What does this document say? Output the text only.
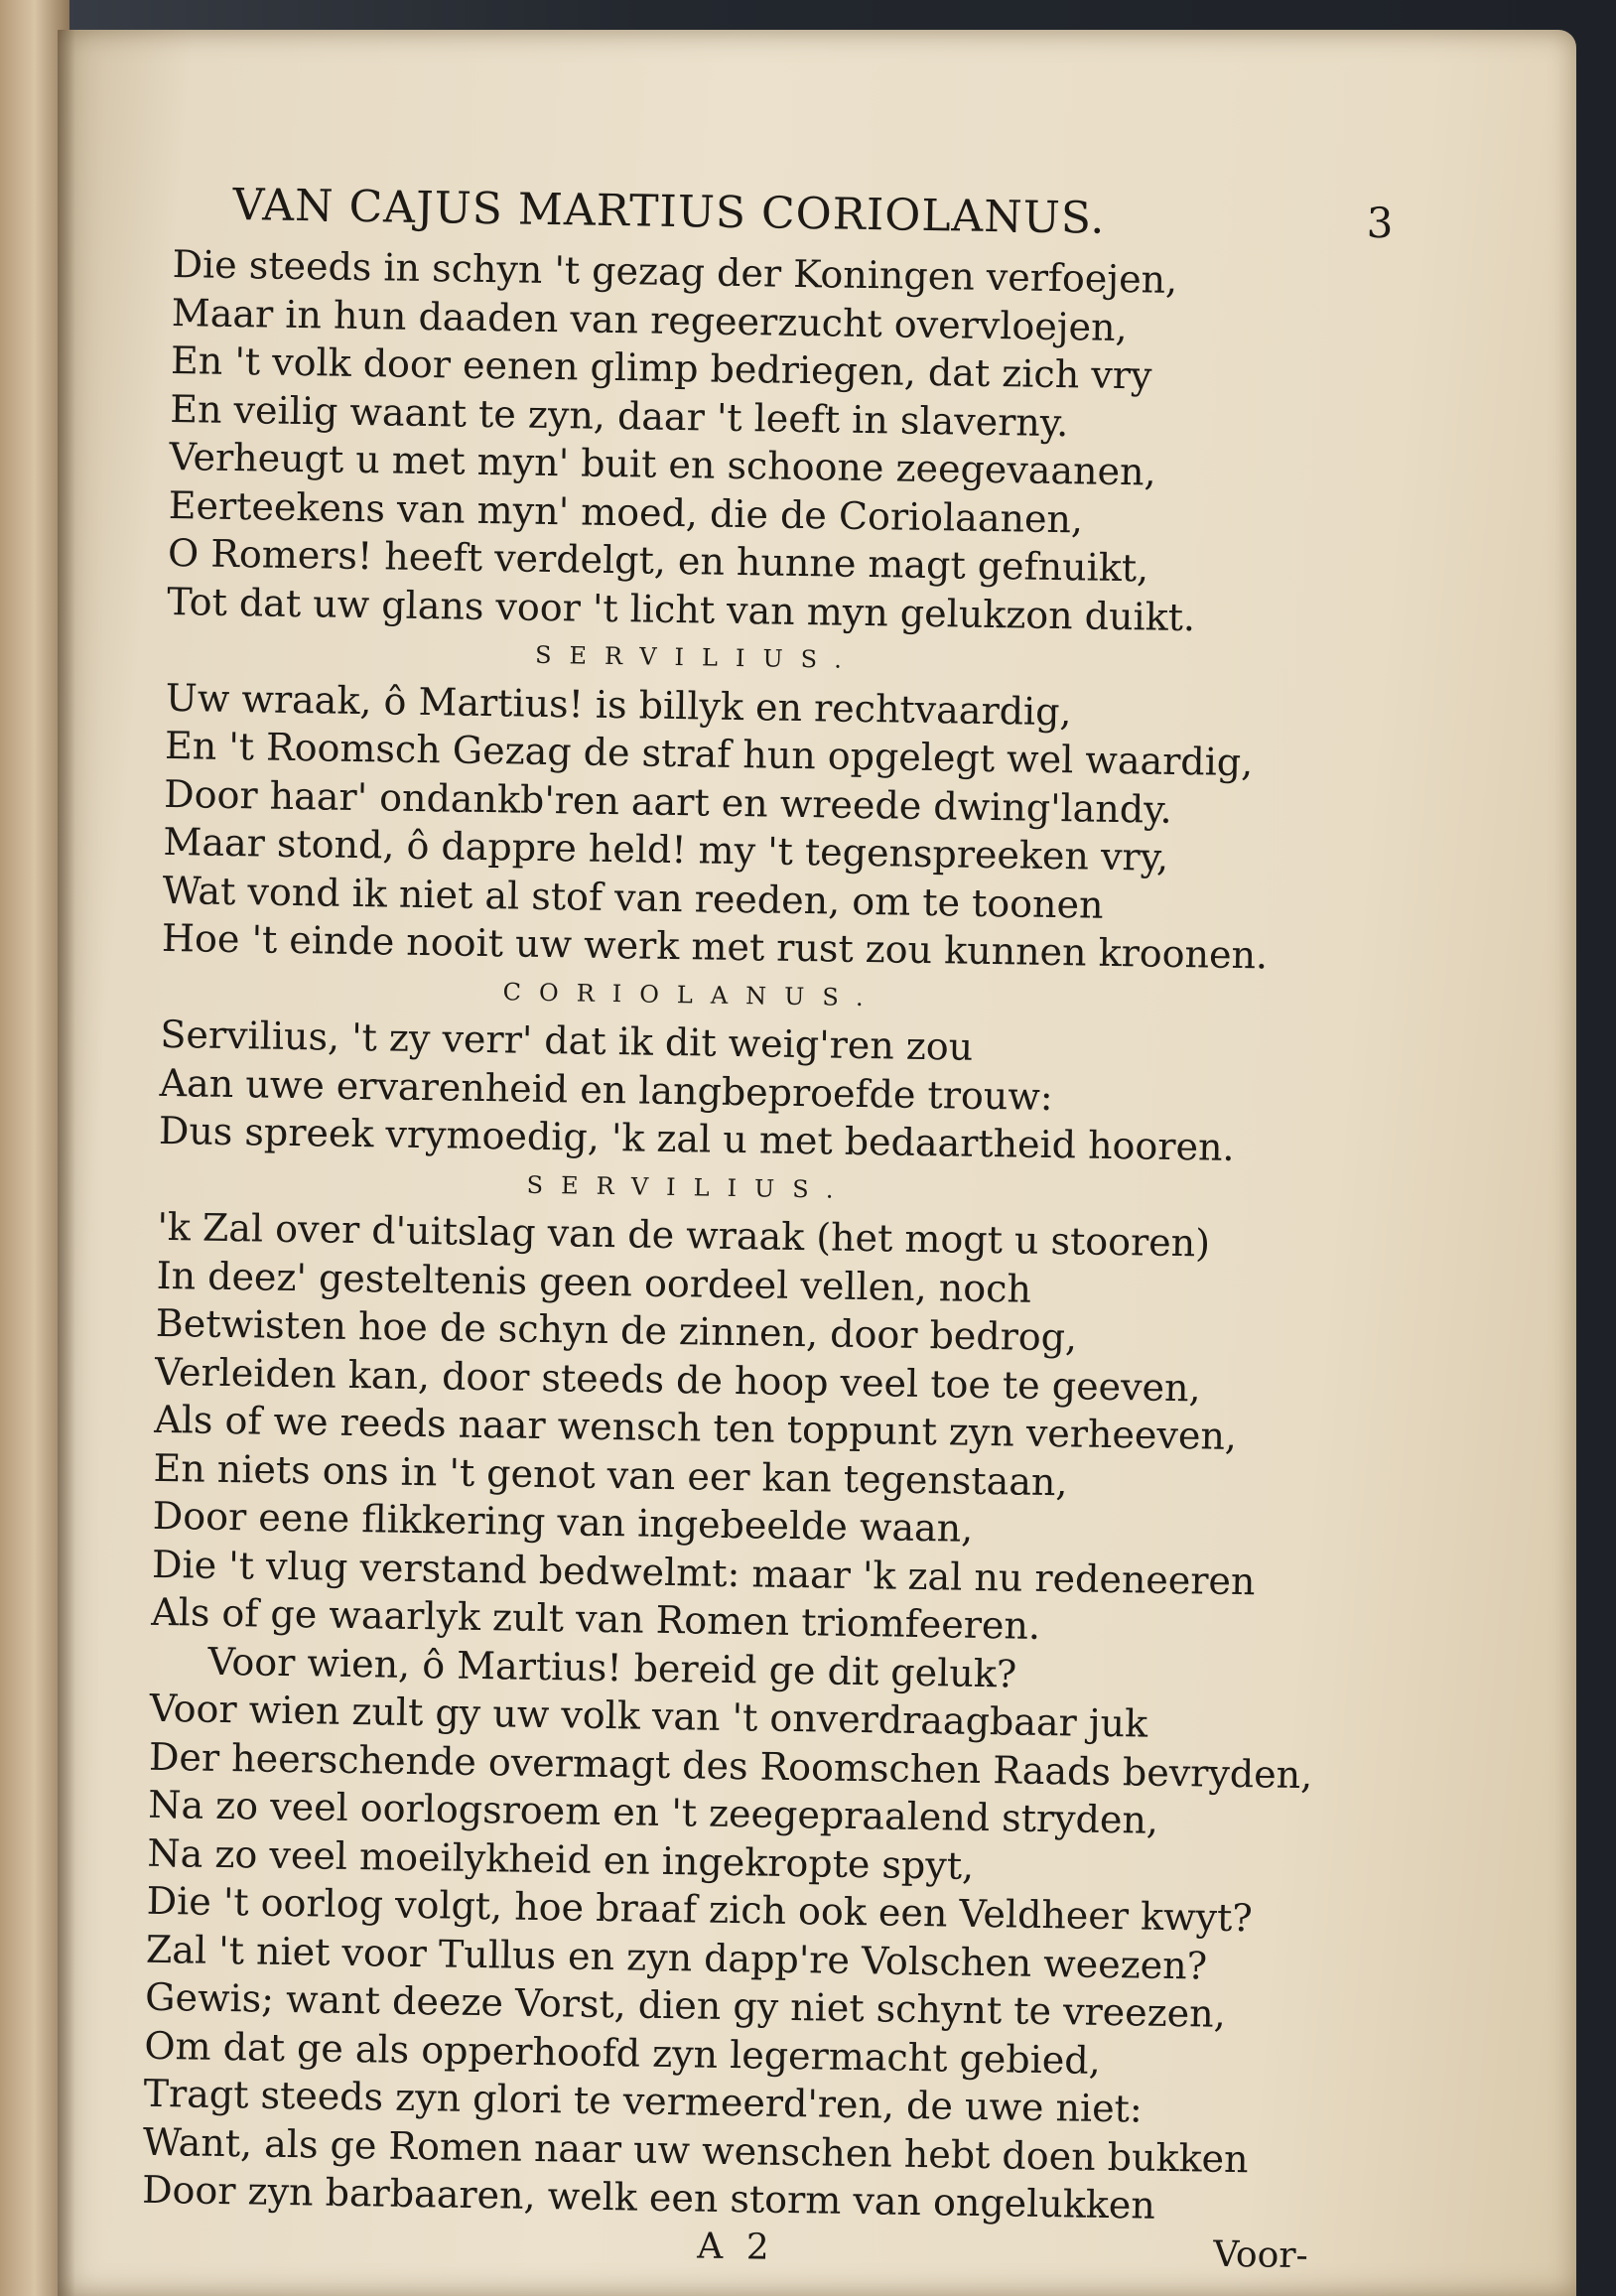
VAN CAJUS MARTIUS CORIOLANUS.	3
Die steeds in schyn 't gezag der Koningen verfoejen,
Maar in hun daaden van regeerzucht overvloejen,
En 't volk door eenen glimp bedriegen, dat zich vry
En veilig waant te zyn, daar 't leeft in slaverny.
Verheugt u met myn' buit en schoone zeegevaanen,
Eerteekens van myn' moed, die de Coriolaanen,
O Romers! heeft verdelgt, en hunne magt gefnuikt,
Tot dat uw glans voor 't licht van myn gelukzon duikt.
SERVILIUS.
Uw wraak, ô Martius! is billyk en rechtvaardig,
En 't Roomsch Gezag de straf hun opgelegt wel waardig,
Door haar' ondankb'ren aart en wreede dwing'landy.
Maar stond, ô dappre held! my 't tegenspreeken vry,
Wat vond ik niet al stof van reeden, om te toonen
Hoe 't einde nooit uw werk met rust zou kunnen kroonen.
CORIOLANUS.
Servilius, 't zy verr' dat ik dit weig'ren zou
Aan uwe ervarenheid en langbeproefde trouw:
Dus spreek vrymoedig, 'k zal u met bedaartheid hooren.
SERVILIUS.
'k Zal over d'uitslag van de wraak (het mogt u stooren)
In deez' gesteltenis geen oordeel vellen, noch
Betwisten hoe de schyn de zinnen, door bedrog,
Verleiden kan, door steeds de hoop veel toe te geeven,
Als of we reeds naar wensch ten toppunt zyn verheeven,
En niets ons in 't genot van eer kan tegenstaan,
Door eene flikkering van ingebeelde waan,
Die 't vlug verstand bedwelmt: maar 'k zal nu redeneeren
Als of ge waarlyk zult van Romen triomfeeren.
Voor wien, ô Martius! bereid ge dit geluk?
Voor wien zult gy uw volk van 't onverdraagbaar juk
Der heerschende overmagt des Roomschen Raads bevryden,
Na zo veel oorlogsroem en 't zeegepraalend stryden,
Na zo veel moeilykheid en ingekropte spyt,
Die 't oorlog volgt, hoe braaf zich ook een Veldheer kwyt?
Zal 't niet voor Tullus en zyn dapp're Volschen weezen?
Gewis; want deeze Vorst, dien gy niet schynt te vreezen,
Om dat ge als opperhoofd zyn legermacht gebied,
Tragt steeds zyn glori te vermeerd'ren, de uwe niet:
Want, als ge Romen naar uw wenschen hebt doen bukken
Door zyn barbaaren, welk een storm van ongelukken
A 2	Voor-
